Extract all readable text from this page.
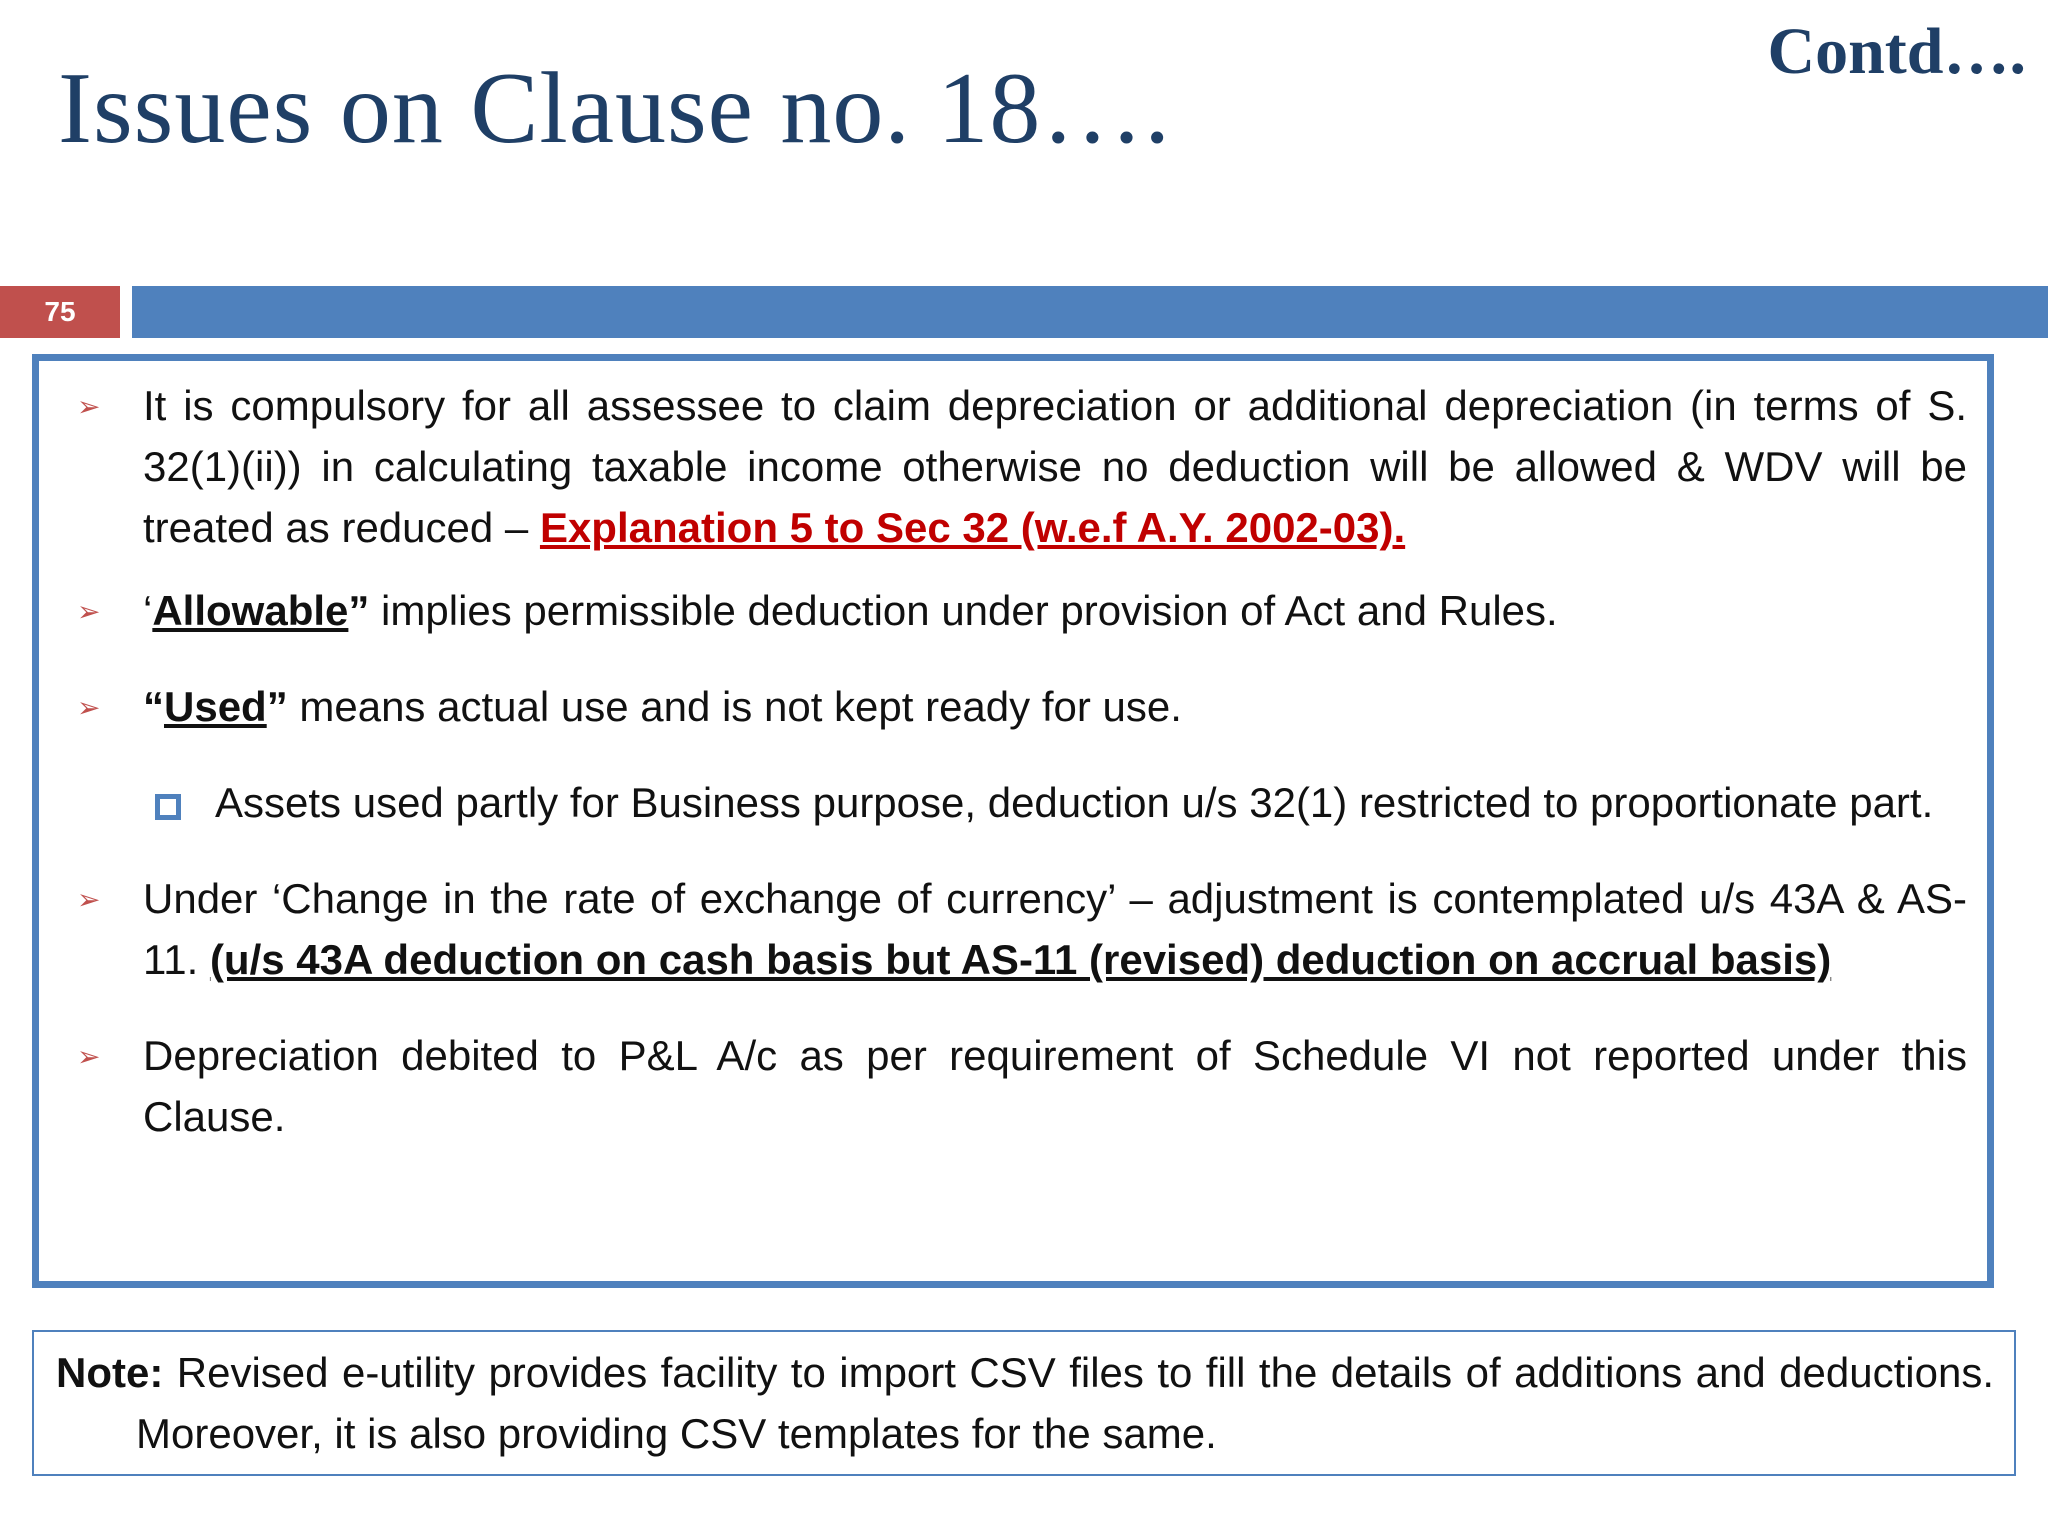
Issues on Clause no. 18….
Contd….
75
➢ It is compulsory for all assessee to claim depreciation or additional depreciation (in terms of S. 32(1)(ii)) in calculating taxable income otherwise no deduction will be allowed & WDV will be treated as reduced – Explanation 5 to Sec 32 (w.e.f A.Y. 2002-03).

➢ ‘Allowable” implies permissible deduction under provision of Act and Rules.

➢ “Used” means actual use and is not kept ready for use.

Assets used partly for Business purpose, deduction u/s 32(1) restricted to proportionate part.

➢ Under ‘Change in the rate of exchange of currency’ – adjustment is contemplated u/s 43A & AS-11. (u/s 43A deduction on cash basis but AS-11 (revised) deduction on accrual basis)

➢ Depreciation debited to P&L A/c as per requirement of Schedule VI not reported under this Clause.

Note: Revised e-utility provides facility to import CSV files to fill the details of additions and deductions. Moreover, it is also providing CSV templates for the same.
